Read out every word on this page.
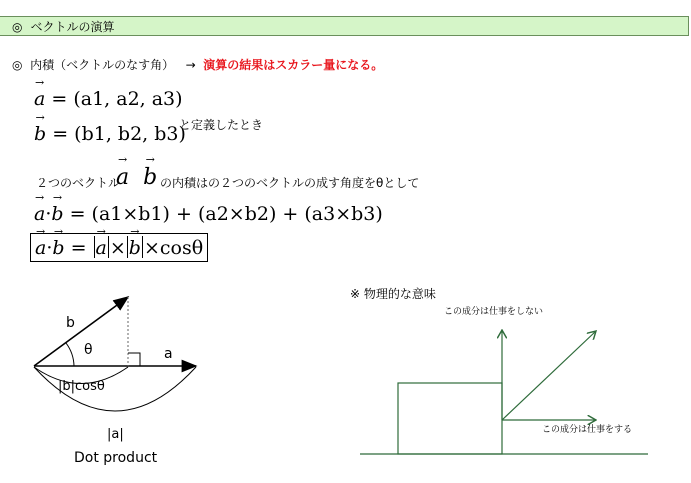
◎ ベクトルの演算
◎ 内積（ベクトルのなす角） → 演算の結果はスカラー量になる。
→ a = (a1, a2, a3)
→ b = (b1, b2, b3)
と定義したとき
２つのベクトル
→ a → b の内積はの２つのベクトルの成す角度をθとして
→ a·→ b = (a1×b1) + (a2×b2) + (a3×b3)
→ a·→ b = → a × → b ×cosθ
b
θ	a
|b|cosθ
|a|
Dot product
※ 物理的な意味
この成分は仕事をしない
この成分は仕事をする
